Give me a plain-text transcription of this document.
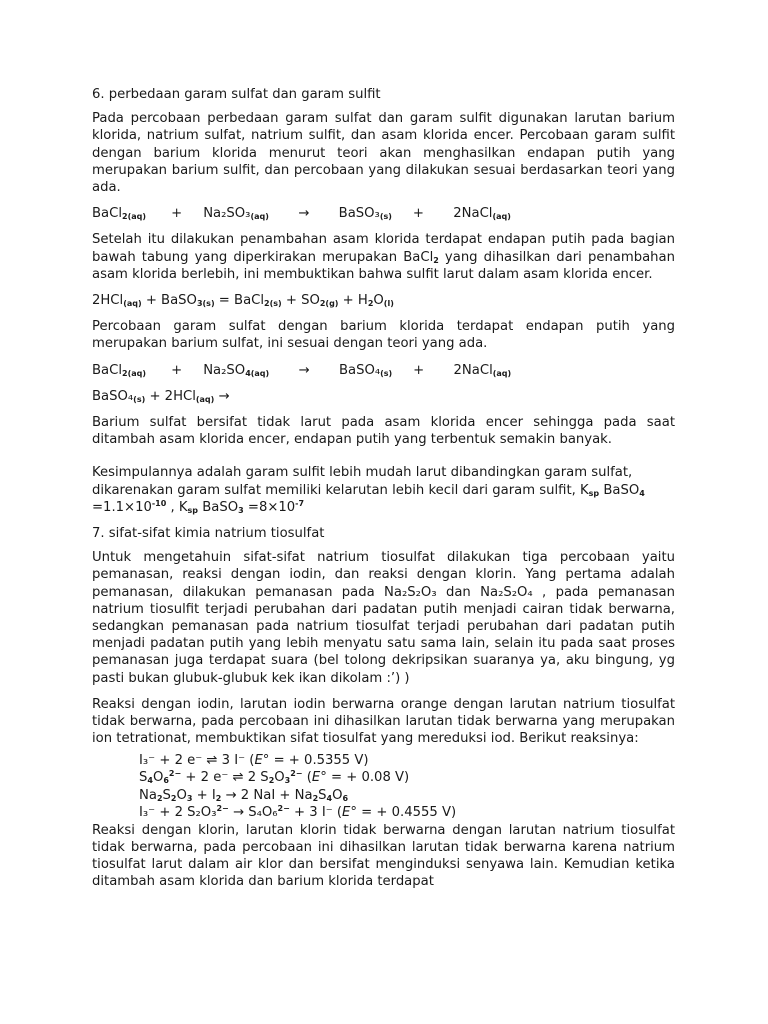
6. perbedaan garam sulfat dan garam sulfit

Pada percobaan perbedaan garam sulfat dan garam sulfit digunakan larutan barium klorida, natrium sulfat, natrium sulfit, dan asam klorida encer. Percobaan garam sulfit dengan barium klorida menurut teori akan menghasilkan endapan putih yang merupakan barium sulfit, dan percobaan yang dilakukan sesuai berdasarkan teori yang ada.

BaCl$_{2(aq)}$      +     $Na_2SO_3_{(aq)}$       →       $BaSO_3_{(s)}$     +       2NaCl$_{(aq)}$

Setelah itu dilakukan penambahan asam klorida terdapat endapan putih pada bagian bawah tabung yang diperkirakan merupakan BaCl$_2$ yang dihasilkan dari penambahan asam klorida berlebih, ini membuktikan bahwa sulfit larut dalam asam klorida encer.

2HCl$_{(aq)}$ + BaSO$_{3(s)}$ = BaCl$_{2(s)}$ + $SO_{2(g)} + H_2O_{(l)}$

Percobaan garam sulfat dengan barium klorida terdapat endapan putih yang merupakan barium sulfat, ini sesuai dengan teori yang ada.

BaCl$_{2(aq)}$      +     $Na_2SO_{4(aq)}$       →       $BaSO_4_{(s)}$     +       2NaCl$_{(aq)}$

$BaSO_4_{(s)} + 2HCl_{(aq)}$ →

Barium sulfat bersifat tidak larut pada asam klorida encer sehingga pada saat ditambah asam klorida encer, endapan putih yang terbentuk semakin banyak.

Kesimpulannya adalah garam sulfit lebih mudah larut dibandingkan garam sulfat, dikarenakan garam sulfat memiliki kelarutan lebih kecil dari garam sulfit, $K_{sp}$ BaSO$_4$ $=1.1\times 10^{-10}$ , $K_{sp}$ BaSO$_3$ $=8\times 10^{-7}$

7. sifat-sifat kimia natrium tiosulfat

Untuk mengetahuin sifat-sifat natrium tiosulfat dilakukan tiga percobaan yaitu pemanasan, reaksi dengan iodin, dan reaksi dengan klorin. Yang pertama adalah pemanasan, dilakukan pemanasan pada Na₂S₂O₃ dan Na₂S₂O₄ , pada pemanasan natrium tiosulfit terjadi perubahan dari padatan putih menjadi cairan tidak berwarna, sedangkan pemanasan pada natrium tiosulfat terjadi perubahan dari padatan putih menjadi padatan putih yang lebih menyatu satu sama lain, selain itu pada saat proses pemanasan juga terdapat suara (bel tolong dekripsikan suaranya ya, aku bingung, yg pasti bukan glubuk-glubuk kek ikan dikolam :’) )

Reaksi dengan iodin, larutan iodin berwarna orange dengan larutan natrium tiosulfat tidak berwarna, pada percobaan ini dihasilkan larutan tidak berwarna yang merupakan ion tetrationat, membuktikan sifat tiosulfat yang mereduksi iod. Berikut reaksinya:

I₃⁻ + 2 e⁻ ⇌ 3 I⁻ (E° = + 0.5355 V)
$S_4O_6^{2-} + 2$ e⁻ ⇌ 2 $S_2O_3^{2-}$ (E° = + 0.08 V)
$Na_2S_2O_3 + I_2 \to 2$ NaI + $Na_2S_4O_6$
I₃⁻ + 2 S₂O₃$^{2-}$ → S₄O₆$^{2-}$ + 3 I⁻ (E° = + 0.4555 V)

Reaksi dengan klorin, larutan klorin tidak berwarna dengan larutan natrium tiosulfat tidak berwarna, pada percobaan ini dihasilkan larutan tidak berwarna karena natrium tiosulfat larut dalam air klor dan bersifat menginduksi senyawa lain. Kemudian ketika ditambah asam klorida dan barium klorida terdapat
